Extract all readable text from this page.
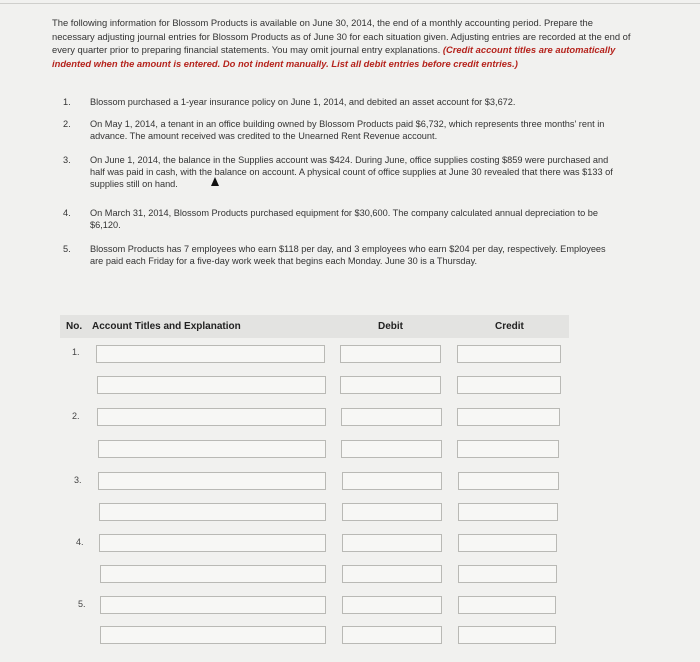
The following information for Blossom Products is available on June 30, 2014, the end of a monthly accounting period. Prepare the necessary adjusting journal entries for Blossom Products as of June 30 for each situation given. Adjusting entries are recorded at the end of every quarter prior to preparing financial statements. You may omit journal entry explanations. (Credit account titles are automatically indented when the amount is entered. Do not indent manually. List all debit entries before credit entries.)
1.	Blossom purchased a 1-year insurance policy on June 1, 2014, and debited an asset account for $3,672.
2.	On May 1, 2014, a tenant in an office building owned by Blossom Products paid $6,732, which represents three months' rent in advance. The amount received was credited to the Unearned Rent Revenue account.
3.	On June 1, 2014, the balance in the Supplies account was $424. During June, office supplies costing $859 were purchased and half was paid in cash, with the balance on account. A physical count of office supplies at June 30 revealed that there was $133 of supplies still on hand.
4.	On March 31, 2014, Blossom Products purchased equipment for $30,600. The company calculated annual depreciation to be $6,120.
5.	Blossom Products has 7 employees who earn $118 per day, and 3 employees who earn $204 per day, respectively. Employees are paid each Friday for a five-day work week that begins each Monday. June 30 is a Thursday.
No. Account Titles and Explanation	Debit	Credit
1.
2.
3.
4.
5.
